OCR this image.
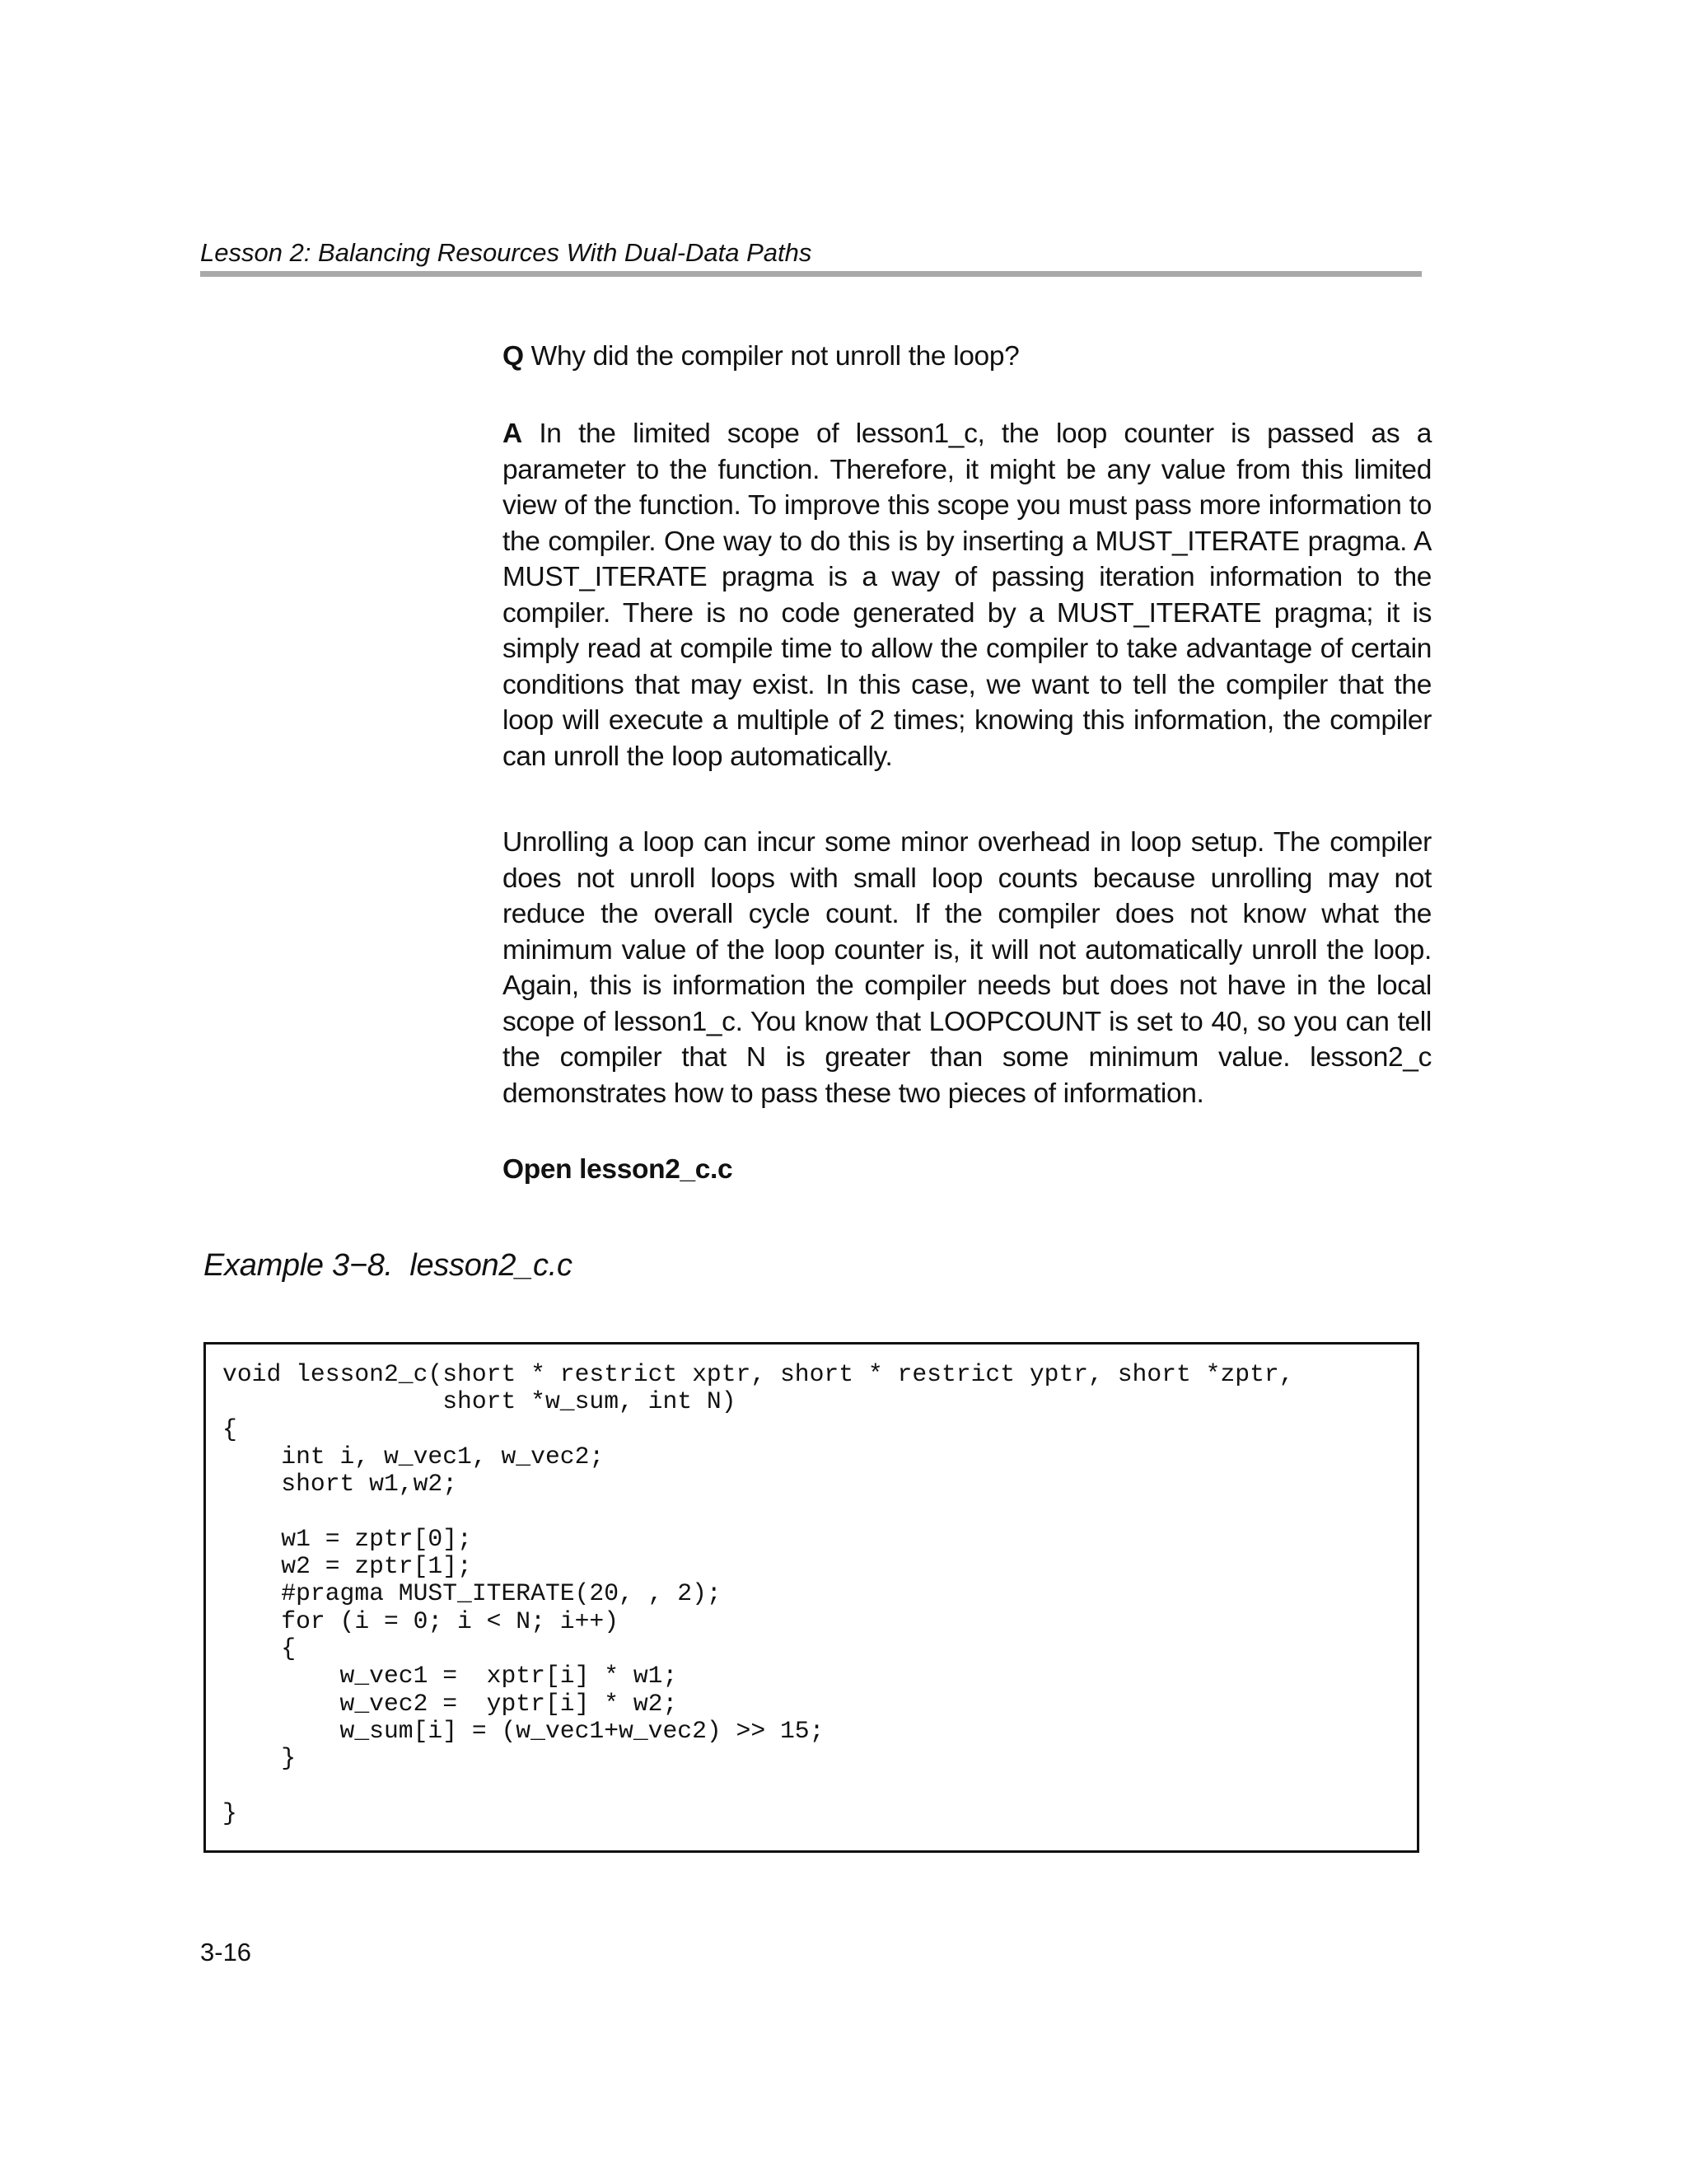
Lesson 2: Balancing Resources With Dual-Data Paths

Q Why did the compiler not unroll the loop?

A In the limited scope of lesson1_c, the loop counter is passed as a parameter to the function. Therefore, it might be any value from this limited view of the function. To improve this scope you must pass more information to the compiler. One way to do this is by inserting a MUST_ITERATE pragma. A MUST_ITERATE pragma is a way of passing iteration information to the compiler. There is no code generated by a MUST_ITERATE pragma; it is simply read at compile time to allow the compiler to take advantage of certain conditions that may exist. In this case, we want to tell the compiler that the loop will execute a multiple of 2 times; knowing this information, the compiler can unroll the loop automatically.

Unrolling a loop can incur some minor overhead in loop setup. The compiler does not unroll loops with small loop counts because unrolling may not reduce the overall cycle count. If the compiler does not know what the minimum value of the loop counter is, it will not automatically unroll the loop. Again, this is information the compiler needs but does not have in the local scope of lesson1_c. You know that LOOPCOUNT is set to 40, so you can tell the compiler that N is greater than some minimum value. lesson2_c demonstrates how to pass these two pieces of information.

Open lesson2_c.c

Example 3−8.  lesson2_c.c
void lesson2_c(short * restrict xptr, short * restrict yptr, short *zptr,
short *w_sum, int N)
{
int i, w_vec1, w_vec2;
short w1,w2;

w1 = zptr[0];
w2 = zptr[1];
#pragma MUST_ITERATE(20, , 2);
for (i = 0; i < N; i++)
{
w_vec1 =  xptr[i] * w1;
w_vec2 =  yptr[i] * w2;
w_sum[i] = (w_vec1+w_vec2) >> 15;
}

}
3-16
